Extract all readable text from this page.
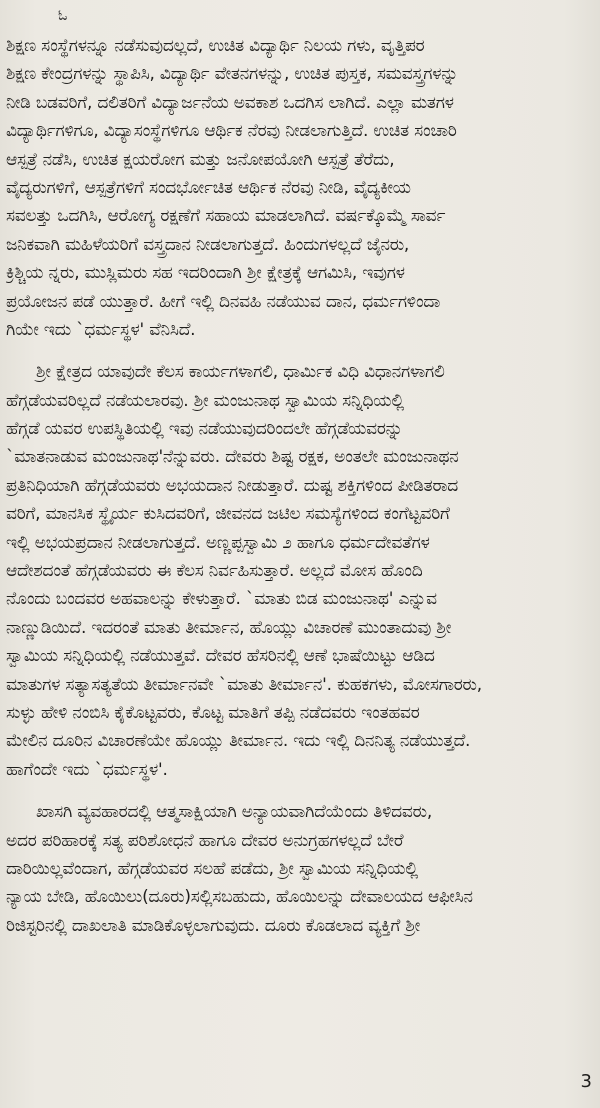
ಓ
ಶಿಕ್ಷಣ ಸಂಸ್ಥೆಗಳನ್ನೂ ನಡೆಸುವುದಲ್ಲದೆ, ಉಚಿತ ವಿದ್ಯಾರ್ಥಿ ನಿಲಯ ಗಳು, ವೃತ್ತಿಪರ
ಶಿಕ್ಷಣ ಕೇಂದ್ರಗಳನ್ನು ಸ್ಥಾಪಿಸಿ, ವಿದ್ಯಾರ್ಥಿ ವೇತನಗಳನ್ನು, ಉಚಿತ ಪುಸ್ತಕ, ಸಮವಸ್ತ್ರಗಳನ್ನು
ನೀಡಿ ಬಡವರಿಗೆ, ದಲಿತರಿಗೆ ವಿದ್ಯಾರ್ಜನೆಯ ಅವಕಾಶ ಒದಗಿಸ ಲಾಗಿದೆ. ಎಲ್ಲಾ ಮತಗಳ
ವಿದ್ಯಾರ್ಥಿಗಳಿಗೂ, ವಿದ್ಯಾಸಂಸ್ಥೆಗಳಿಗೂ ಆರ್ಥಿಕ ನೆರವು ನೀಡಲಾಗುತ್ತಿದೆ. ಉಚಿತ ಸಂಚಾರಿ
ಆಸ್ಪತ್ರೆ ನಡೆಸಿ, ಉಚಿತ ಕ್ಷಯರೋಗ ಮತ್ತು ಜನೋಪಯೋಗಿ ಆಸ್ಪತ್ರೆ ತೆರೆದು,
ವೈದ್ಯರುಗಳಿಗೆ, ಆಸ್ಪತ್ರೆಗಳಿಗೆ ಸಂದರ್ಭೋಚಿತ ಆರ್ಥಿಕ ನೆರವು ನೀಡಿ, ವೈದ್ಯಕೀಯ
ಸವಲತ್ತು ಒದಗಿಸಿ, ಆರೋಗ್ಯ ರಕ್ಷಣೆಗೆ ಸಹಾಯ ಮಾಡಲಾಗಿದೆ. ವರ್ಷಕ್ಕೊಮ್ಮೆ ಸಾರ್ವ
ಜನಿಕವಾಗಿ ಮಹಿಳೆಯರಿಗೆ ವಸ್ತ್ರದಾನ ನೀಡಲಾಗುತ್ತದೆ. ಹಿಂದುಗಳಲ್ಲದೆ ಜೈನರು,
ಕ್ರಿಶ್ಚಿಯ ನ್ನರು, ಮುಸ್ಲಿಮರು ಸಹ ಇದರಿಂದಾಗಿ ಶ್ರೀ ಕ್ಷೇತ್ರಕ್ಕೆ ಆಗಮಿಸಿ, ಇವುಗಳ
ಪ್ರಯೋಜನ ಪಡೆ ಯುತ್ತಾರೆ. ಹೀಗೆ ಇಲ್ಲಿ ದಿನವಹಿ ನಡೆಯುವ ದಾನ, ಧರ್ಮಗಳಿಂದಾ
ಗಿಯೇ ಇದು `ಧರ್ಮಸ್ಥಳ' ವೆನಿಸಿದೆ.
ಶ್ರೀ ಕ್ಷೇತ್ರದ ಯಾವುದೇ ಕೆಲಸ ಕಾರ್ಯಗಳಾಗಲಿ, ಧಾರ್ಮಿಕ ವಿಧಿ ವಿಧಾನಗಳಾಗಲಿ
ಹೆಗ್ಗಡೆಯವರಿಲ್ಲದೆ ನಡೆಯಲಾರವು. ಶ್ರೀ ಮಂಜುನಾಥ ಸ್ವಾಮಿಯ ಸನ್ನಿಧಿಯಲ್ಲಿ
ಹೆಗ್ಗಡೆ ಯವರ ಉಪಸ್ಥಿತಿಯಲ್ಲಿ ಇವು ನಡೆಯುವುದರಿಂದಲೇ ಹೆಗ್ಗಡೆಯವರನ್ನು
`ಮಾತನಾಡುವ ಮಂಜುನಾಥ'ನೆನ್ನುವರು. ದೇವರು ಶಿಷ್ಟ ರಕ್ಷಕ, ಅಂತಲೇ ಮಂಜುನಾಥನ
ಪ್ರತಿನಿಧಿಯಾಗಿ ಹೆಗ್ಗಡೆಯವರು ಅಭಯದಾನ ನೀಡುತ್ತಾರೆ. ದುಷ್ಟ ಶಕ್ತಿಗಳಿಂದ ಪೀಡಿತರಾದ
ವರಿಗೆ, ಮಾನಸಿಕ ಸ್ಥೈರ್ಯ ಕುಸಿದವರಿಗೆ, ಜೀವನದ ಜಟಿಲ ಸಮಸ್ಯೆಗಳಿಂದ ಕಂಗೆಟ್ಟವರಿಗೆ
ಇಲ್ಲಿ ಅಭಯಪ್ರದಾನ ನೀಡಲಾಗುತ್ತದೆ. ಅಣ್ಣಪ್ಪಸ್ವಾಮಿ ೨ ಹಾಗೂ ಧರ್ಮದೇವತೆಗಳ
ಆದೇಶದಂತೆ ಹೆಗ್ಗಡೆಯವರು ಈ ಕೆಲಸ ನಿರ್ವಹಿಸುತ್ತಾರೆ. ಅಲ್ಲದೆ ಮೋಸ ಹೊಂದಿ
ನೊಂದು ಬಂದವರ ಅಹವಾಲನ್ನು ಕೇಳುತ್ತಾರೆ. `ಮಾತು ಬಿಡ ಮಂಜುನಾಥ' ಎನ್ನುವ
ನಾಣ್ಣುಡಿಯಿದೆ. ಇದರಂತೆ ಮಾತು ತೀರ್ಮಾನ, ಹೊಯ್ಲು ವಿಚಾರಣೆ ಮುಂತಾದುವು ಶ್ರೀ
ಸ್ವಾಮಿಯ ಸನ್ನಿಧಿಯಲ್ಲಿ ನಡೆಯುತ್ತವೆ. ದೇವರ ಹೆಸರಿನಲ್ಲಿ ಆಣೆ ಭಾಷೆಯಿಟ್ಟು ಆಡಿದ
ಮಾತುಗಳ ಸತ್ಯಾಸತ್ಯತೆಯ ತೀರ್ಮಾನವೇ `ಮಾತು ತೀರ್ಮಾನ'. ಕುಹಕಗಳು, ಮೋಸಗಾರರು,
ಸುಳ್ಳು ಹೇಳಿ ನಂಬಿಸಿ ಕೈಕೊಟ್ಟವರು, ಕೊಟ್ಟ ಮಾತಿಗೆ ತಪ್ಪಿ ನಡೆದವರು ಇಂತಹವರ
ಮೇಲಿನ ದೂರಿನ ವಿಚಾರಣೆಯೇ ಹೊಯ್ಲು ತೀರ್ಮಾನ. ಇದು ಇಲ್ಲಿ ದಿನನಿತ್ಯ ನಡೆಯುತ್ತದೆ.
ಹಾಗೆಂದೇ ಇದು `ಧರ್ಮಸ್ಥಳ'.
ಖಾಸಗಿ ವ್ಯವಹಾರದಲ್ಲಿ ಆತ್ಮಸಾಕ್ಷಿಯಾಗಿ ಅನ್ಯಾಯವಾಗಿದೆಯೆಂದು ತಿಳಿದವರು,
ಅದರ ಪರಿಹಾರಕ್ಕೆ ಸತ್ಯ ಪರಿಶೋಧನೆ ಹಾಗೂ ದೇವರ ಅನುಗ್ರಹಗಳಲ್ಲದೆ ಬೇರೆ
ದಾರಿಯಿಲ್ಲವೆಂದಾಗ, ಹೆಗ್ಗಡೆಯವರ ಸಲಹೆ ಪಡೆದು, ಶ್ರೀ ಸ್ವಾಮಿಯ ಸನ್ನಿಧಿಯಲ್ಲಿ
ನ್ಯಾಯ ಬೇಡಿ, ಹೊಯಿಲು(ದೂರು)ಸಲ್ಲಿಸಬಹುದು, ಹೊಯಿಲನ್ನು ದೇವಾಲಯದ ಆಫೀಸಿನ
ರಿಜಿಸ್ಟರಿನಲ್ಲಿ ದಾಖಲಾತಿ ಮಾಡಿಕೊಳ್ಳಲಾಗುವುದು. ದೂರು ಕೊಡಲಾದ ವ್ಯಕ್ತಿಗೆ ಶ್ರೀ
3
